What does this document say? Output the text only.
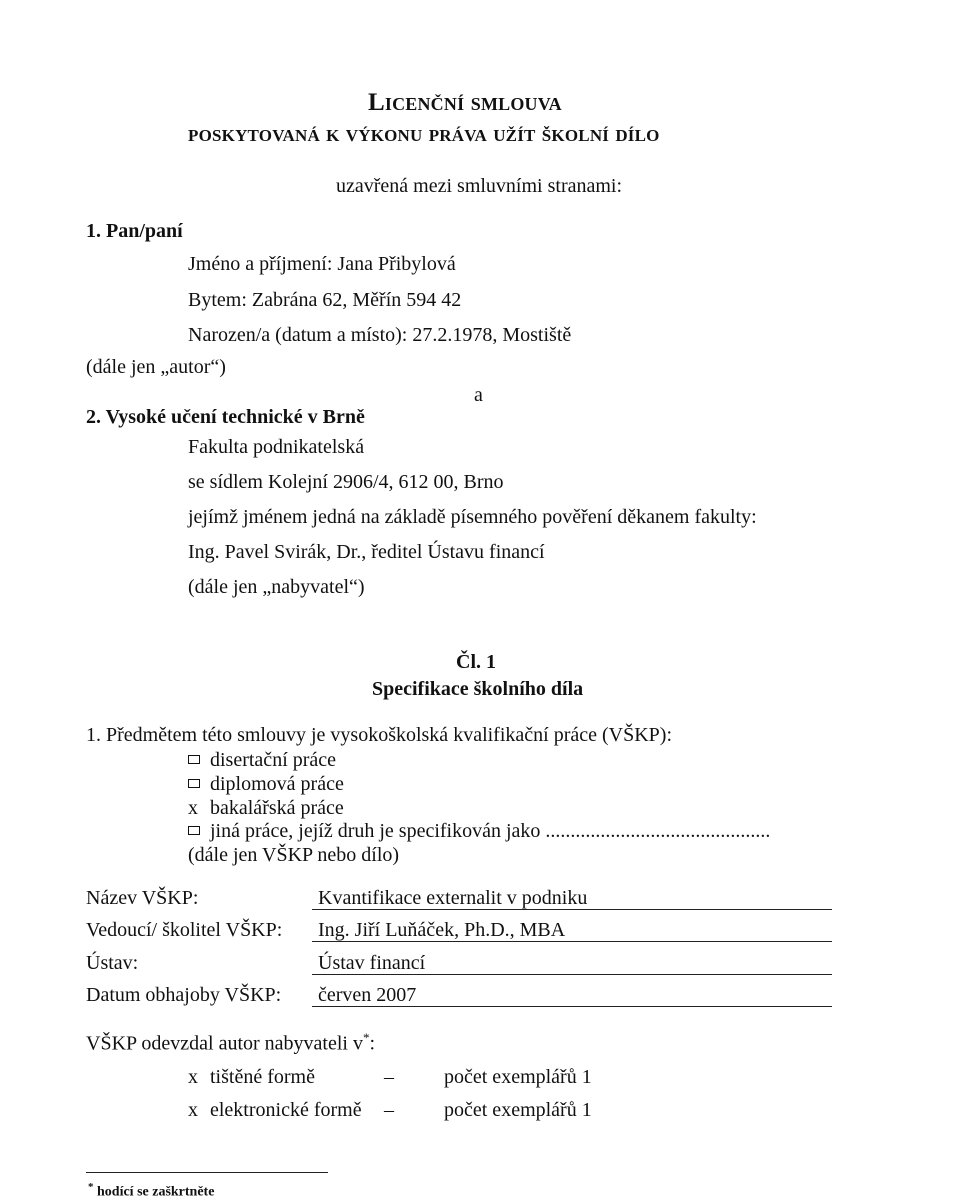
Licenční smlouva
poskytovaná k výkonu práva užít školní dílo
uzavřená mezi smluvními stranami:
1. Pan/paní
Jméno a příjmení: Jana Přibylová
Bytem: Zabrána 62, Měřín 594 42
Narozen/a (datum a místo): 27.2.1978, Mostiště
(dále jen „autor“)
a
2. Vysoké učení technické v Brně
Fakulta podnikatelská
se sídlem Kolejní 2906/4, 612 00, Brno
jejímž jménem jedná na základě písemného pověření děkanem fakulty:
Ing. Pavel Svirák, Dr., ředitel Ústavu financí
(dále jen „nabyvatel“)
Čl. 1
Specifikace školního díla
1. Předmětem této smlouvy je vysokoškolská kvalifikační práce (VŠKP):
disertační práce
diplomová práce
x bakalářská práce
jiná práce, jejíž druh je specifikován jako .............................................
(dále jen VŠKP nebo dílo)
Název VŠKP:	Kvantifikace externalit v podniku
Vedoucí/ školitel VŠKP: Ing. Jiří Luňáček, Ph.D., MBA
Ústav:	Ústav financí
Datum obhajoby VŠKP: červen 2007
VŠKP odevzdal autor nabyvateli v*:
x tištěné formě	–	počet exemplářů 1
x elektronické formě –	počet exemplářů 1
* hodící se zaškrtněte
